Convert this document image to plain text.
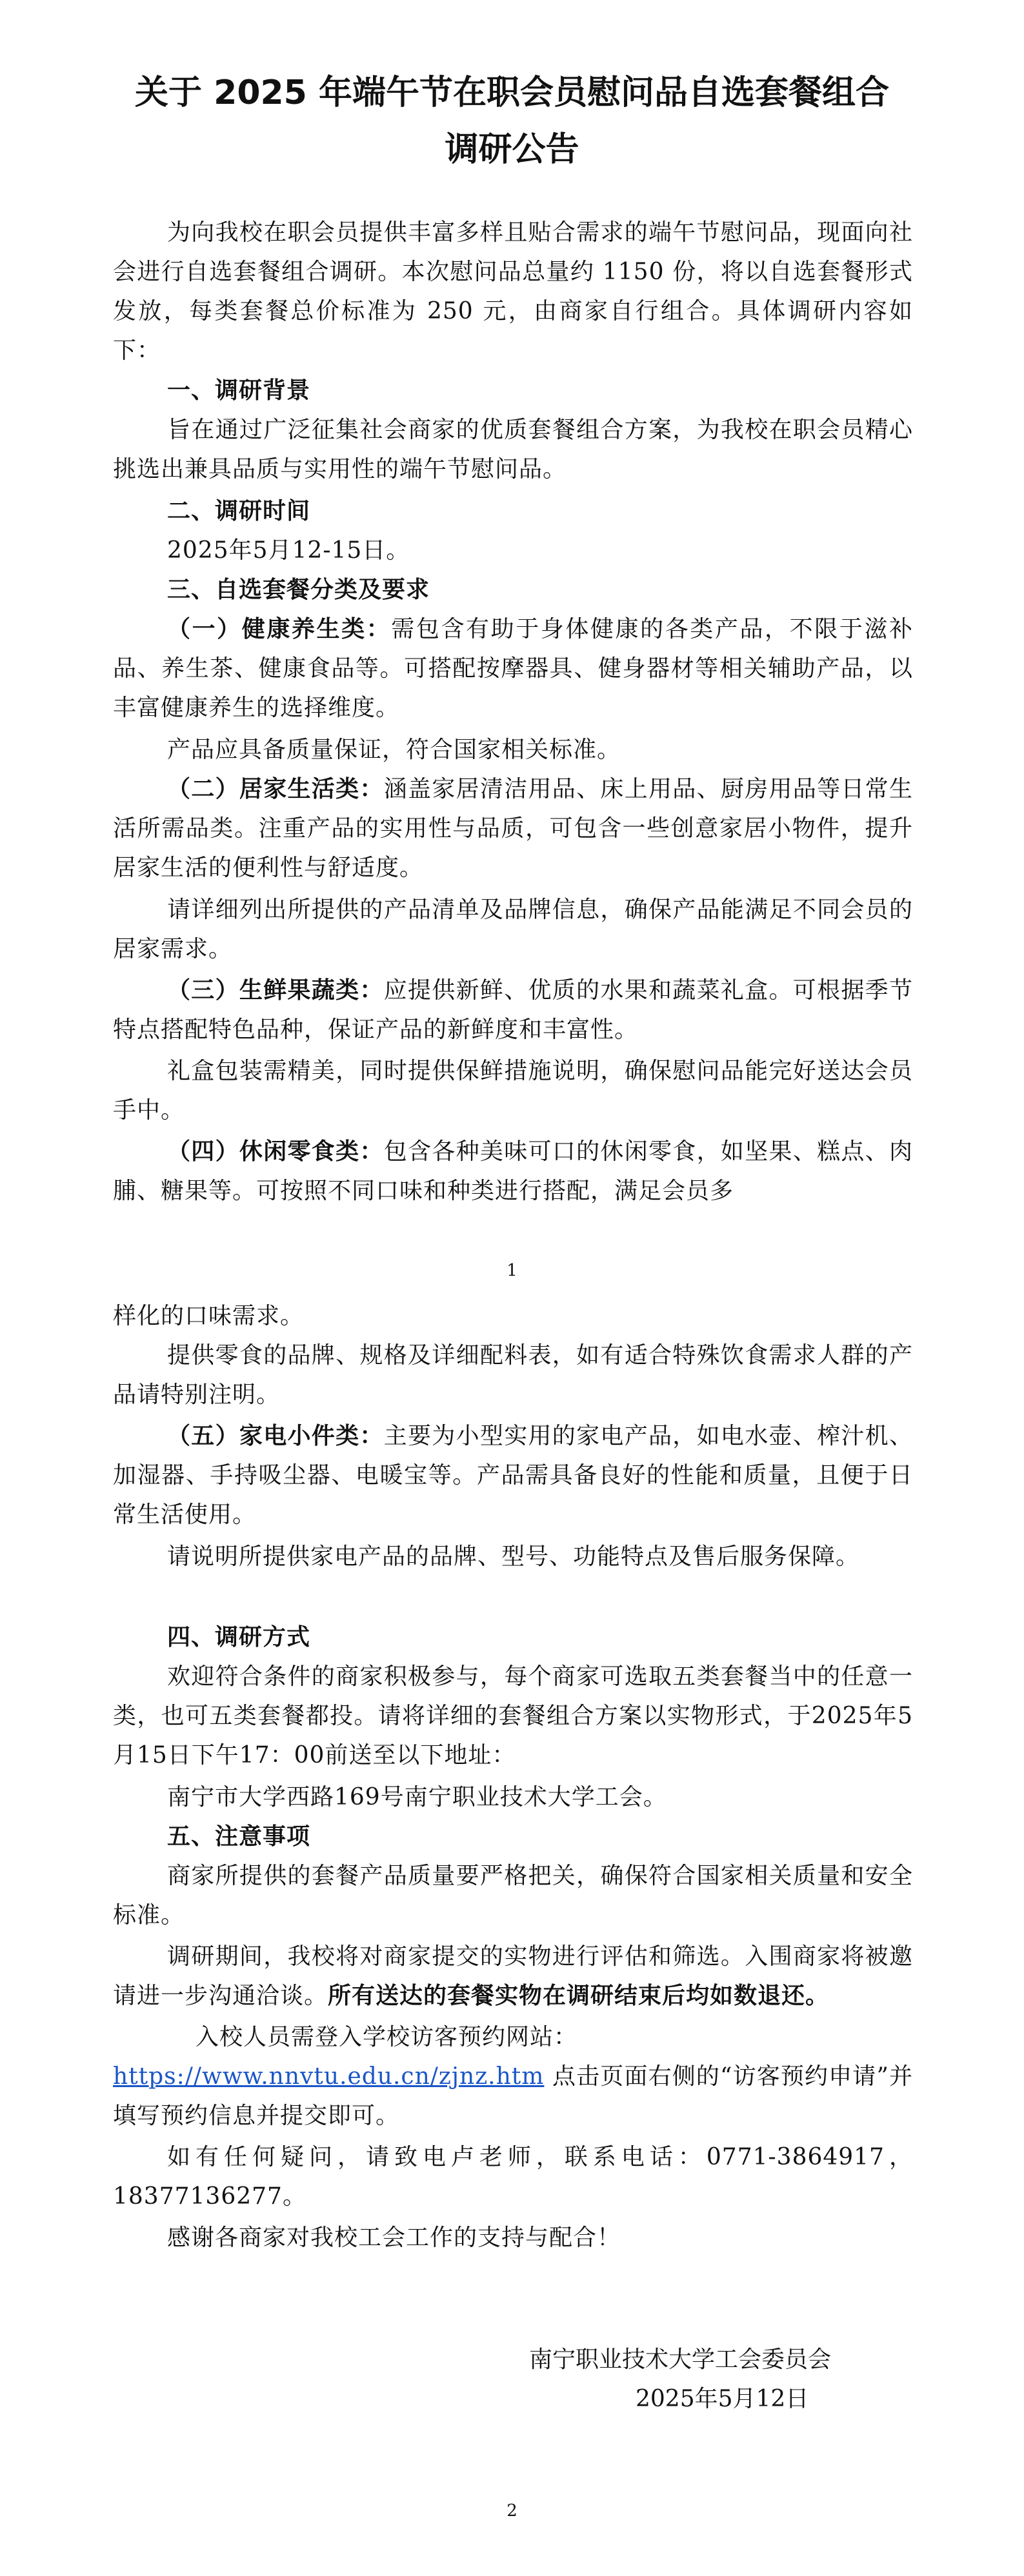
关于 2025 年端午节在职会员慰问品自选套餐组合
调研公告

为向我校在职会员提供丰富多样且贴合需求的端午节慰问品，现面向社会进行自选套餐组合调研。本次慰问品总量约 1150 份，将以自选套餐形式发放，每类套餐总价标准为 250 元，由商家自行组合。具体调研内容如下：

一、调研背景

旨在通过广泛征集社会商家的优质套餐组合方案，为我校在职会员精心挑选出兼具品质与实用性的端午节慰问品。

二、调研时间

2025年5月12-15日。

三、自选套餐分类及要求

（一）健康养生类：需包含有助于身体健康的各类产品，不限于滋补品、养生茶、健康食品等。可搭配按摩器具、健身器材等相关辅助产品，以丰富健康养生的选择维度。

产品应具备质量保证，符合国家相关标准。

（二）居家生活类：涵盖家居清洁用品、床上用品、厨房用品等日常生活所需品类。注重产品的实用性与品质，可包含一些创意家居小物件，提升居家生活的便利性与舒适度。

请详细列出所提供的产品清单及品牌信息，确保产品能满足不同会员的居家需求。

（三）生鲜果蔬类：应提供新鲜、优质的水果和蔬菜礼盒。可根据季节特点搭配特色品种，保证产品的新鲜度和丰富性。

礼盒包装需精美，同时提供保鲜措施说明，确保慰问品能完好送达会员手中。

（四）休闲零食类：包含各种美味可口的休闲零食，如坚果、糕点、肉脯、糖果等。可按照不同口味和种类进行搭配，满足会员多

1

样化的口味需求。

提供零食的品牌、规格及详细配料表，如有适合特殊饮食需求人群的产品请特别注明。

（五）家电小件类：主要为小型实用的家电产品，如电水壶、榨汁机、加湿器、手持吸尘器、电暖宝等。产品需具备良好的性能和质量，且便于日常生活使用。

请说明所提供家电产品的品牌、型号、功能特点及售后服务保障。

四、调研方式

欢迎符合条件的商家积极参与，每个商家可选取五类套餐当中的任意一类，也可五类套餐都投。请将详细的套餐组合方案以实物形式，于2025年5月15日下午17：00前送至以下地址：

南宁市大学西路169号南宁职业技术大学工会。

五、注意事项

商家所提供的套餐产品质量要严格把关，确保符合国家相关质量和安全标准。

调研期间，我校将对商家提交的实物进行评估和筛选。入围商家将被邀请进一步沟通洽谈。所有送达的套餐实物在调研结束后均如数退还。

入校人员需登入学校访客预约网站：

https://www.nnvtu.edu.cn/zjnz.htm 点击页面右侧的“访客预约申请”并填写预约信息并提交即可。

如有任何疑问，请致电卢老师，联系电话：0771-3864917，18377136277。

感谢各商家对我校工会工作的支持与配合！

南宁职业技术大学工会委员会
2025年5月12日
2
